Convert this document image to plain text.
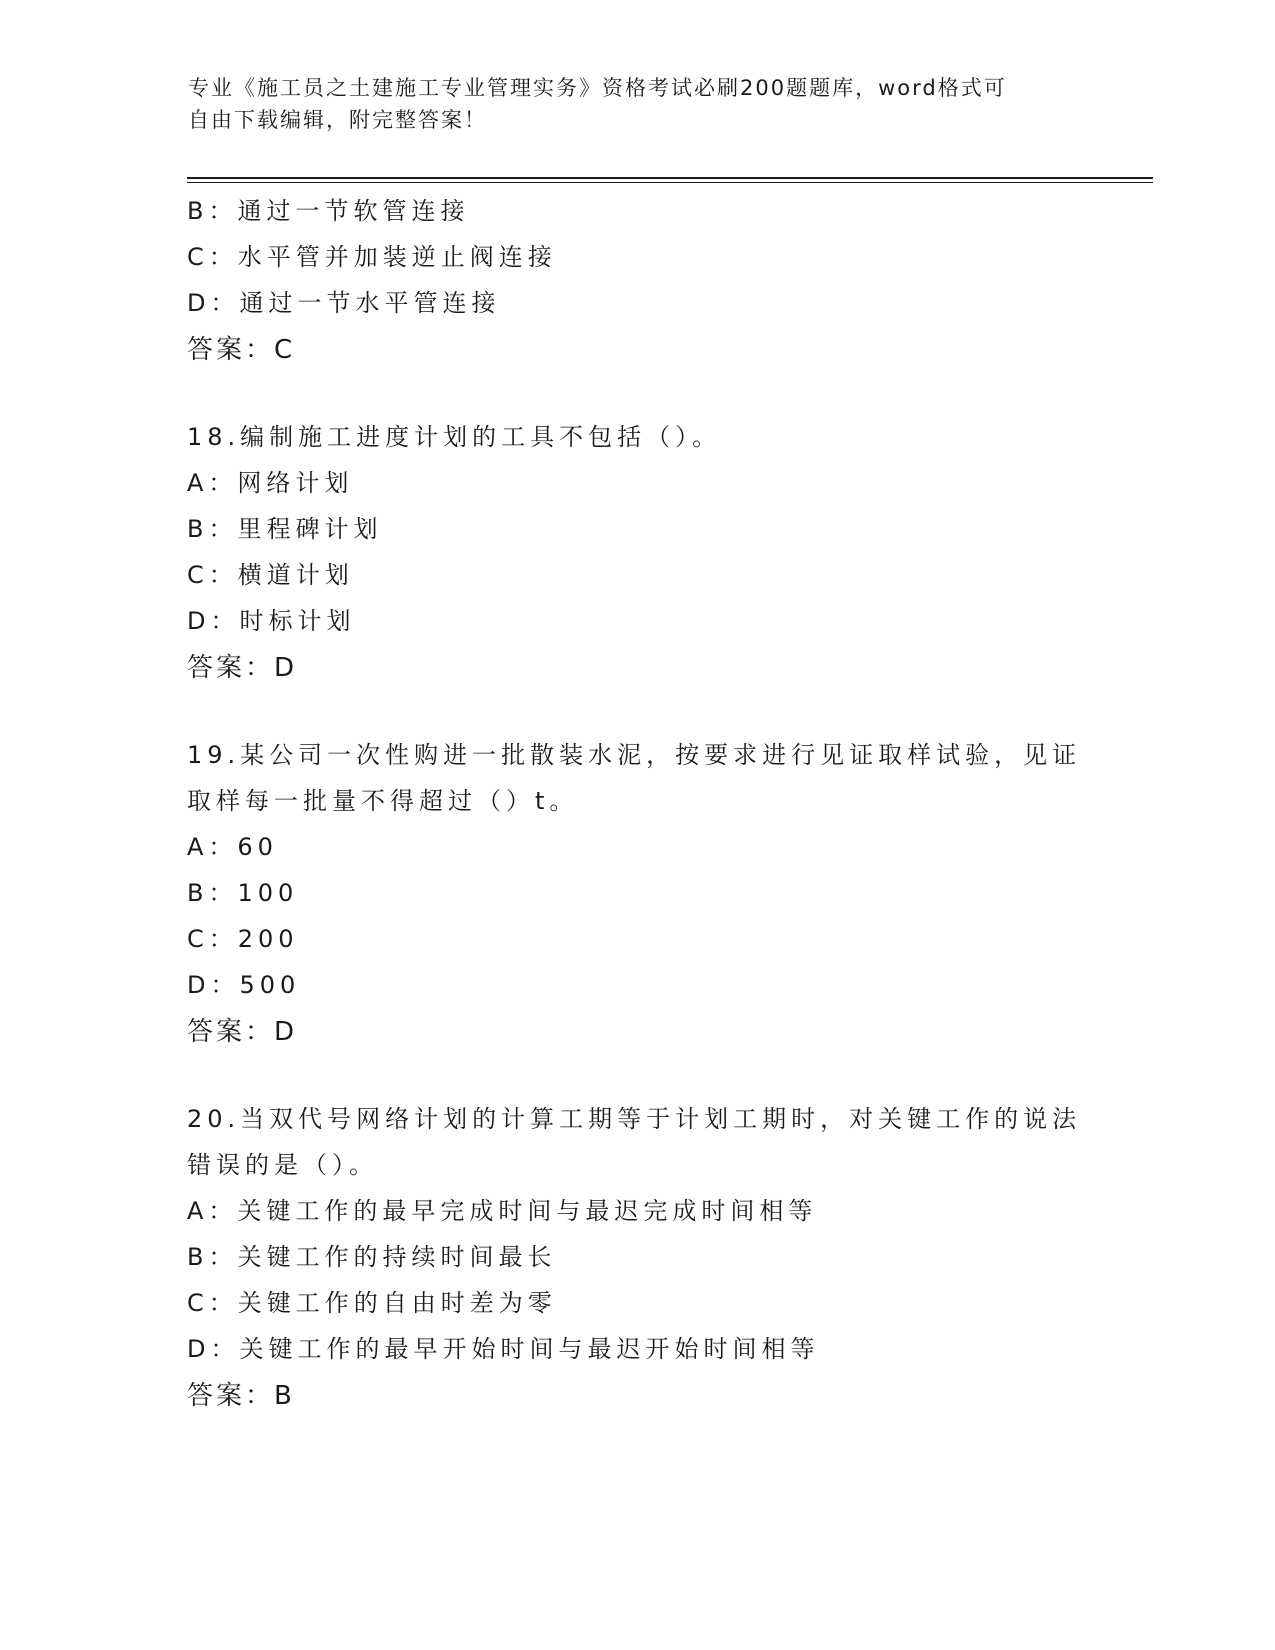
专业《施工员之土建施工专业管理实务》资格考试必刷200题题库，word格式可
自由下载编辑，附完整答案！
B：通过一节软管连接
C：水平管并加装逆止阀连接
D：通过一节水平管连接
答案：C
18.编制施工进度计划的工具不包括（）。
A：网络计划
B：里程碑计划
C：横道计划
D：时标计划
答案：D
19.某公司一次性购进一批散装水泥，按要求进行见证取样试验，见证
取样每一批量不得超过（）t。
A：60
B：100
C：200
D：500
答案：D
20.当双代号网络计划的计算工期等于计划工期时，对关键工作的说法
错误的是（）。
A：关键工作的最早完成时间与最迟完成时间相等
B：关键工作的持续时间最长
C：关键工作的自由时差为零
D：关键工作的最早开始时间与最迟开始时间相等
答案：B
